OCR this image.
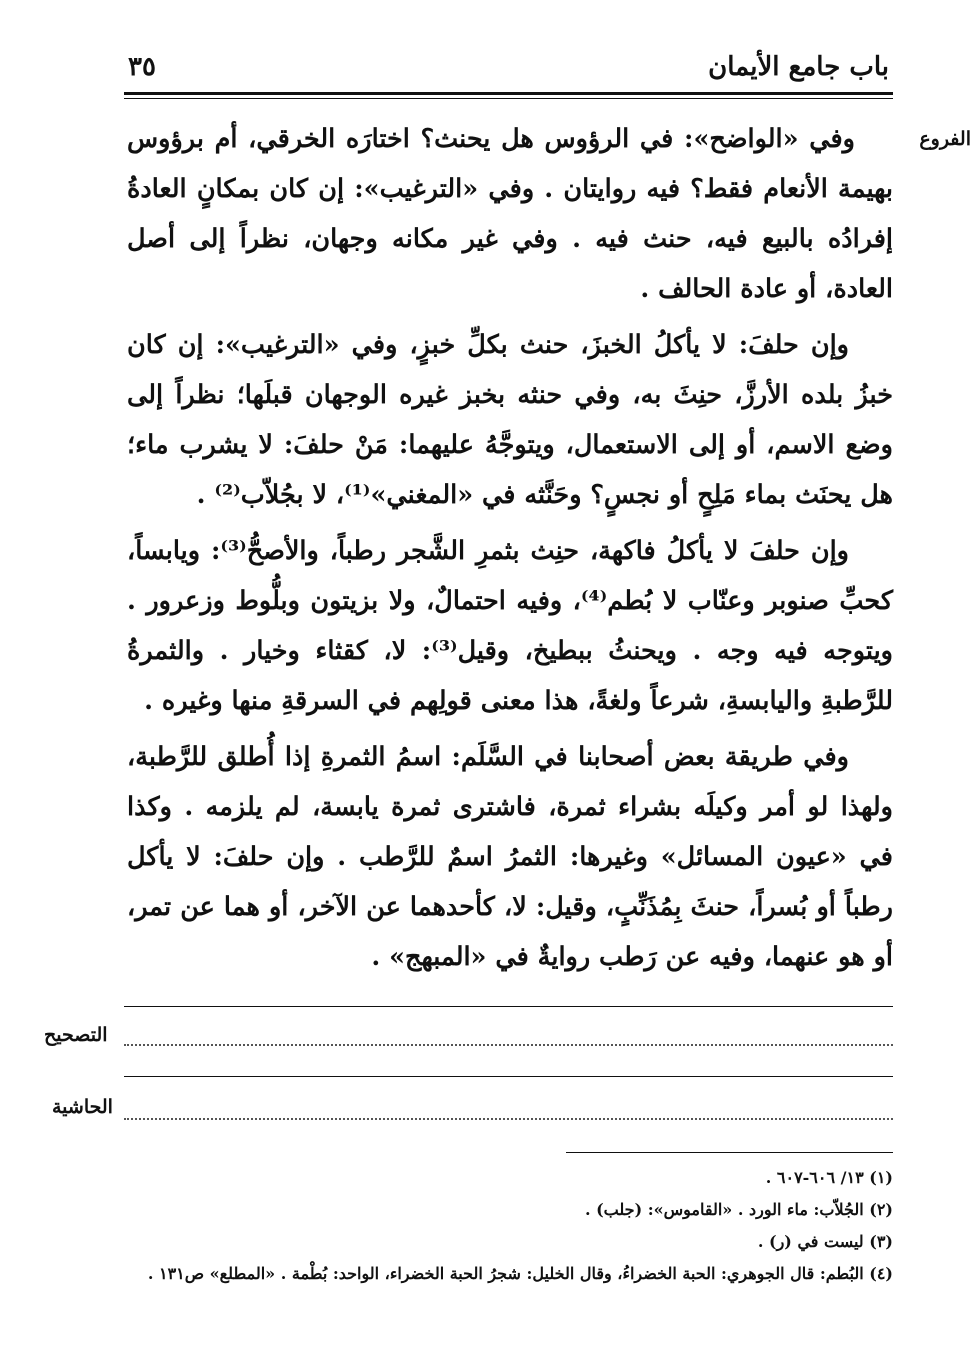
باب جامع الأيمان
٣٥
الفروع

وفي «الواضح»: في الرؤوس هل يحنث؟ اختارَه الخرقي، أم برؤوس بهيمة الأنعام فقط؟ فيه روايتان . وفي «الترغيب»: إن كان بمكانٍ العادةُ إفرادُه بالبيع فيه، حنث فيه . وفي غير مكانه وجهان، نظراً إلى أصل العادة، أو عادة الحالف .

وإن حلفَ: لا يأكلُ الخبزَ، حنث بكلِّ خبزٍ، وفي «الترغيب»: إن كان خبزُ بلده الأرزَّ، حنِثَ به، وفي حنثه بخبز غيره الوجهان قبلَها؛ نظراً إلى وضع الاسم، أو إلى الاستعمال، ويتوجَّهُ عليهما: مَنْ حلفَ: لا يشرب ماء؛ هل يحنَث بماء مَلِحٍ أو نجسٍ؟ وحَنَّثه في «المغني»⁽¹⁾، لا بجُلاّب⁽²⁾ .

وإن حلفَ لا يأكلُ فاكهة، حنِث بثمرِ الشَّجر رطباً، والأصحُّ⁽³⁾: ويابساً، كحبِّ صنوبر وعنّاب لا بُطم⁽⁴⁾، وفيه احتمالٌ، ولا بزيتون وبلُّوط وزعرور . ويتوجه فيه وجه . ويحنثُ ببطيخ، وقيل⁽³⁾: لا، كقثاء وخيار . والثمرةُ للرَّطبةِ واليابسةِ، شرعاً ولغةً، هذا معنى قولِهم في السرقةِ منها وغيره .

وفي طريقة بعض أصحابنا في السَّلَم: اسمُ الثمرةِ إذا أُطلق للرَّطبة، ولهذا لو أمر وكيلَه بشراء ثمرة، فاشترى ثمرة يابسة، لم يلزمه . وكذا في «عيون المسائل» وغيرها: الثمرُ اسمٌ للرَّطب . وإن حلفَ: لا يأكل رطباً أو بُسراً، حنثَ بِمُذَنِّبٍ، وقيل: لا، كأحدهما عن الآخر، أو هما عن تمر، أو هو عنهما، وفيه عن رَطب روايةٌ في «المبهج» .

التصحيح
الحاشية
(١) ١٣/ ٦٠٦-٦٠٧ .
(٢) الجُلاّب: ماء الورد . «القاموس»: (جلب) .
(٣) ليست في (ر) .
(٤) البُطم: قال الجوهري: الحبة الخضراءُ، وقال الخليل: شجرُ الحبة الخضراء، الواحد: بُطْمة . «المطلع» ص١٣١ .
